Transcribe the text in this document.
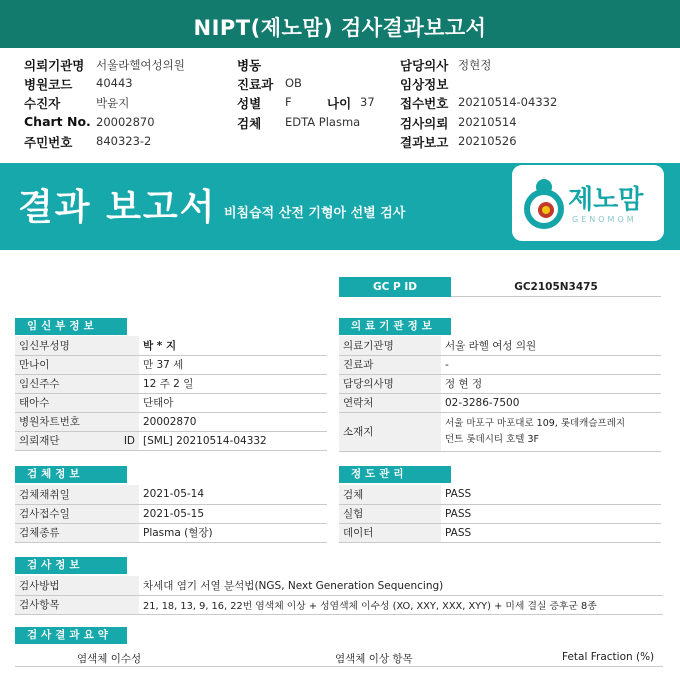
NIPT(제노맘) 검사결과보고서
의뢰기관명 서울라헬여성의원
병원코드 40443
수진자	박윤지
Chart No. 20002870
주민번호 840323-2
병동
진료과 OB
성별 F	나이 37
검체 EDTA Plasma
담당의사 정현정
임상정보
접수번호 20210514-04332
검사의뢰 20210514
결과보고 20210526
결과 보고서 비침습적 산전 기형아 선별 검사	제노맘
GENOMOM
GC P ID	GC2105N3475
임신부정보
임신부성명	박 * 지
만나이	만 37 세
임신주수	12 주 2 일
태아수	단태아
병원차트번호	20002870
의뢰재단 ID	[SML] 20210514-04332
의료기관정보
의료기관명	서울 라헬 여성 의원
진료과	-
담당의사명	정 현 정
연락처	02-3286-7500
소재지	서울 마포구 마포대로 109, 롯데캐슬프레지
던트 롯데시티 호텔 3F
검체정보
검체채취일	2021-05-14
검사접수일	2021-05-15
검체종류	Plasma (혈장)
정도관리
검체	PASS
실험	PASS
데이터	PASS
검사정보
검사방법	차세대 염기 서열 분석법(NGS, Next Generation Sequencing)
검사항목	21, 18, 13, 9, 16, 22번 염색체 이상 + 성염색체 이수성 (XO, XXY, XXX, XYY) + 미세 결실 증후군 8종
검사결과요약
염색체 이수성	염색체 이상 항목	Fetal Fraction (%)
